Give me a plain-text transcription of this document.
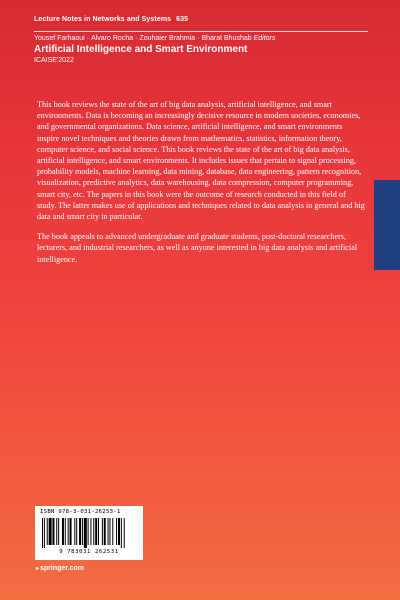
Lecture Notes in Networks and Systems 635
Yousef Farhaoui · Alvaro Rocha · Zouhaier Brahmia · Bharat Bhushab Editors
Artificial Intelligence and Smart Environment
ICAISE'2022

This book reviews the state of the art of big data analysis, artificial intelligence, and smart environments. Data is becoming an increasingly decisive resource in modern societies, economies, and governmental organizations. Data science, artificial intelligence, and smart environments inspire novel techniques and theories drawn from mathematics, statistics, information theory, computer science, and social science. This book reviews the state of the art of big data analysis, artificial intelligence, and smart environments. It includes issues that pertain to signal processing, probability models, machine learning, data mining, database, data engineering, pattern recognition, visualization, predictive analytics, data warehousing, data compression, computer programming, smart city, etc. The papers in this book were the outcome of research conducted in this field of study. The latter makes use of applications and techniques related to data analysis in general and big data and smart city in particular.

The book appeals to advanced undergraduate and graduate students, post-doctoral researchers, lecturers, and industrial researchers, as well as anyone interested in big data analysis and artificial intelligence.

ISBN 978-3-031-26253-1
9 783031 262531
▸ springer.com
